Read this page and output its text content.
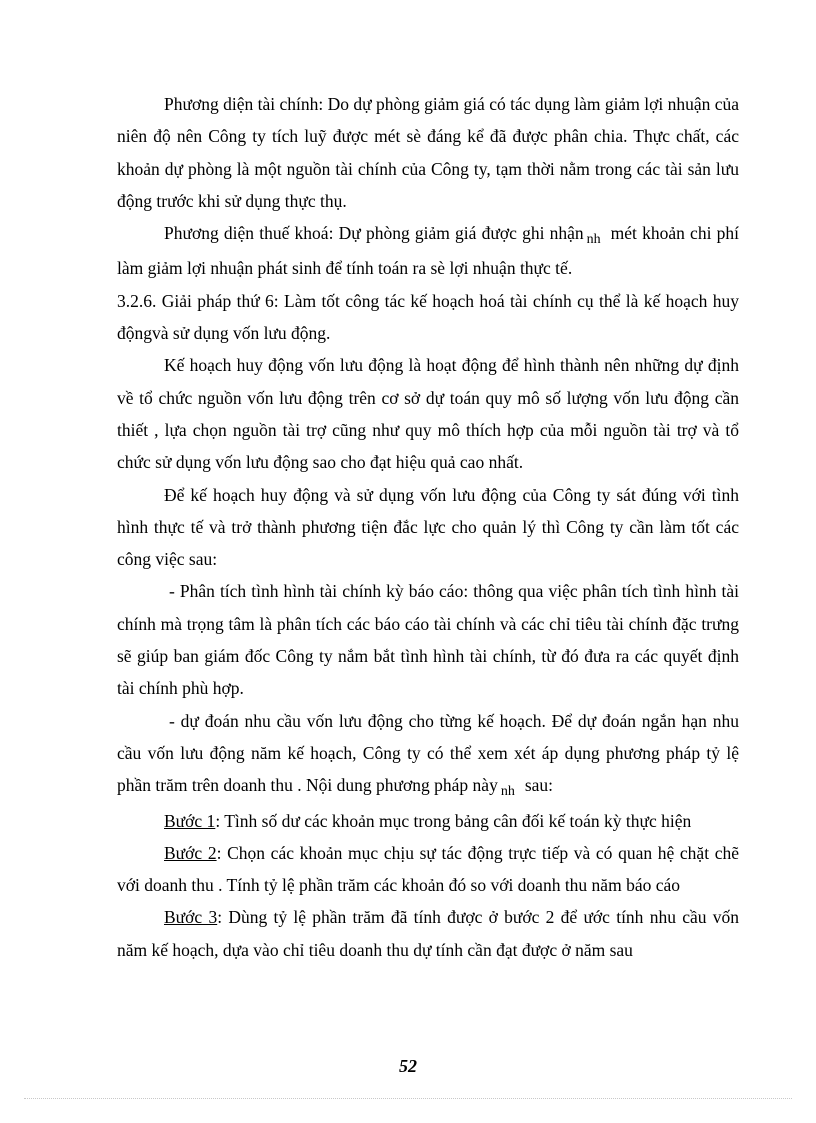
Phương diện tài chính: Do dự phòng giảm giá có tác dụng làm giảm lợi nhuận của niên độ nên Công ty tích luỹ được mét sè đáng kể đã được phân chia. Thực chất, các khoản dự phòng là một nguồn tài chính của Công ty, tạm thời nằm trong các tài sản lưu động trước khi sử dụng thực thụ.

Phương diện thuế khoá: Dự phòng giảm giá được ghi nhận $_{nh}$ mét khoản chi phí làm giảm lợi nhuận phát sinh để tính toán ra sè lợi nhuận thực tế.

3.2.6. Giải pháp thứ 6: Làm tốt công tác kế hoạch hoá tài chính cụ thể là kế hoạch huy độngvà sử dụng vốn lưu động.

Kế hoạch huy động vốn lưu động là hoạt động để hình thành nên những dự định về tổ chức nguồn vốn lưu động trên cơ sở dự toán quy mô số lượng vốn lưu động cần thiết , lựa chọn nguồn tài trợ cũng như quy mô thích hợp của mỗi nguồn tài trợ và tổ chức sử dụng vốn lưu động sao cho đạt hiệu quả cao nhất.

Để kế hoạch huy động và sử dụng vốn lưu động của Công ty sát đúng với tình hình thực tế và trở thành phương tiện đắc lực cho quản lý thì Công ty cần làm tốt các công việc sau:

- Phân tích tình hình tài chính kỳ báo cáo: thông qua việc phân tích tình hình tài chính mà trọng tâm là phân tích các báo cáo tài chính và các chỉ tiêu tài chính đặc trưng sẽ giúp ban giám đốc Công ty nắm bắt tình hình tài chính, từ đó đưa ra các quyết định tài chính phù hợp.

- dự đoán nhu cầu vốn lưu động cho từng kế hoạch. Để dự đoán ngắn hạn nhu cầu vốn lưu động năm kế hoạch, Công ty có thể xem xét áp dụng phương pháp tỷ lệ phần trăm trên doanh thu . Nội dung phương pháp này $_{nh}$ sau:

Bước 1: Tình số dư các khoản mục trong bảng cân đối kế toán kỳ thực hiện

Bước 2: Chọn các khoản mục chịu sự tác động trực tiếp và có quan hệ chặt chẽ với doanh thu . Tính tỷ lệ phần trăm các khoản đó so với doanh thu năm báo cáo

Bước 3: Dùng tỷ lệ phần trăm đã tính được ở bước 2 để ước tính nhu cầu vốn năm kế hoạch, dựa vào chỉ tiêu doanh thu dự tính cần đạt được ở năm sau

52
